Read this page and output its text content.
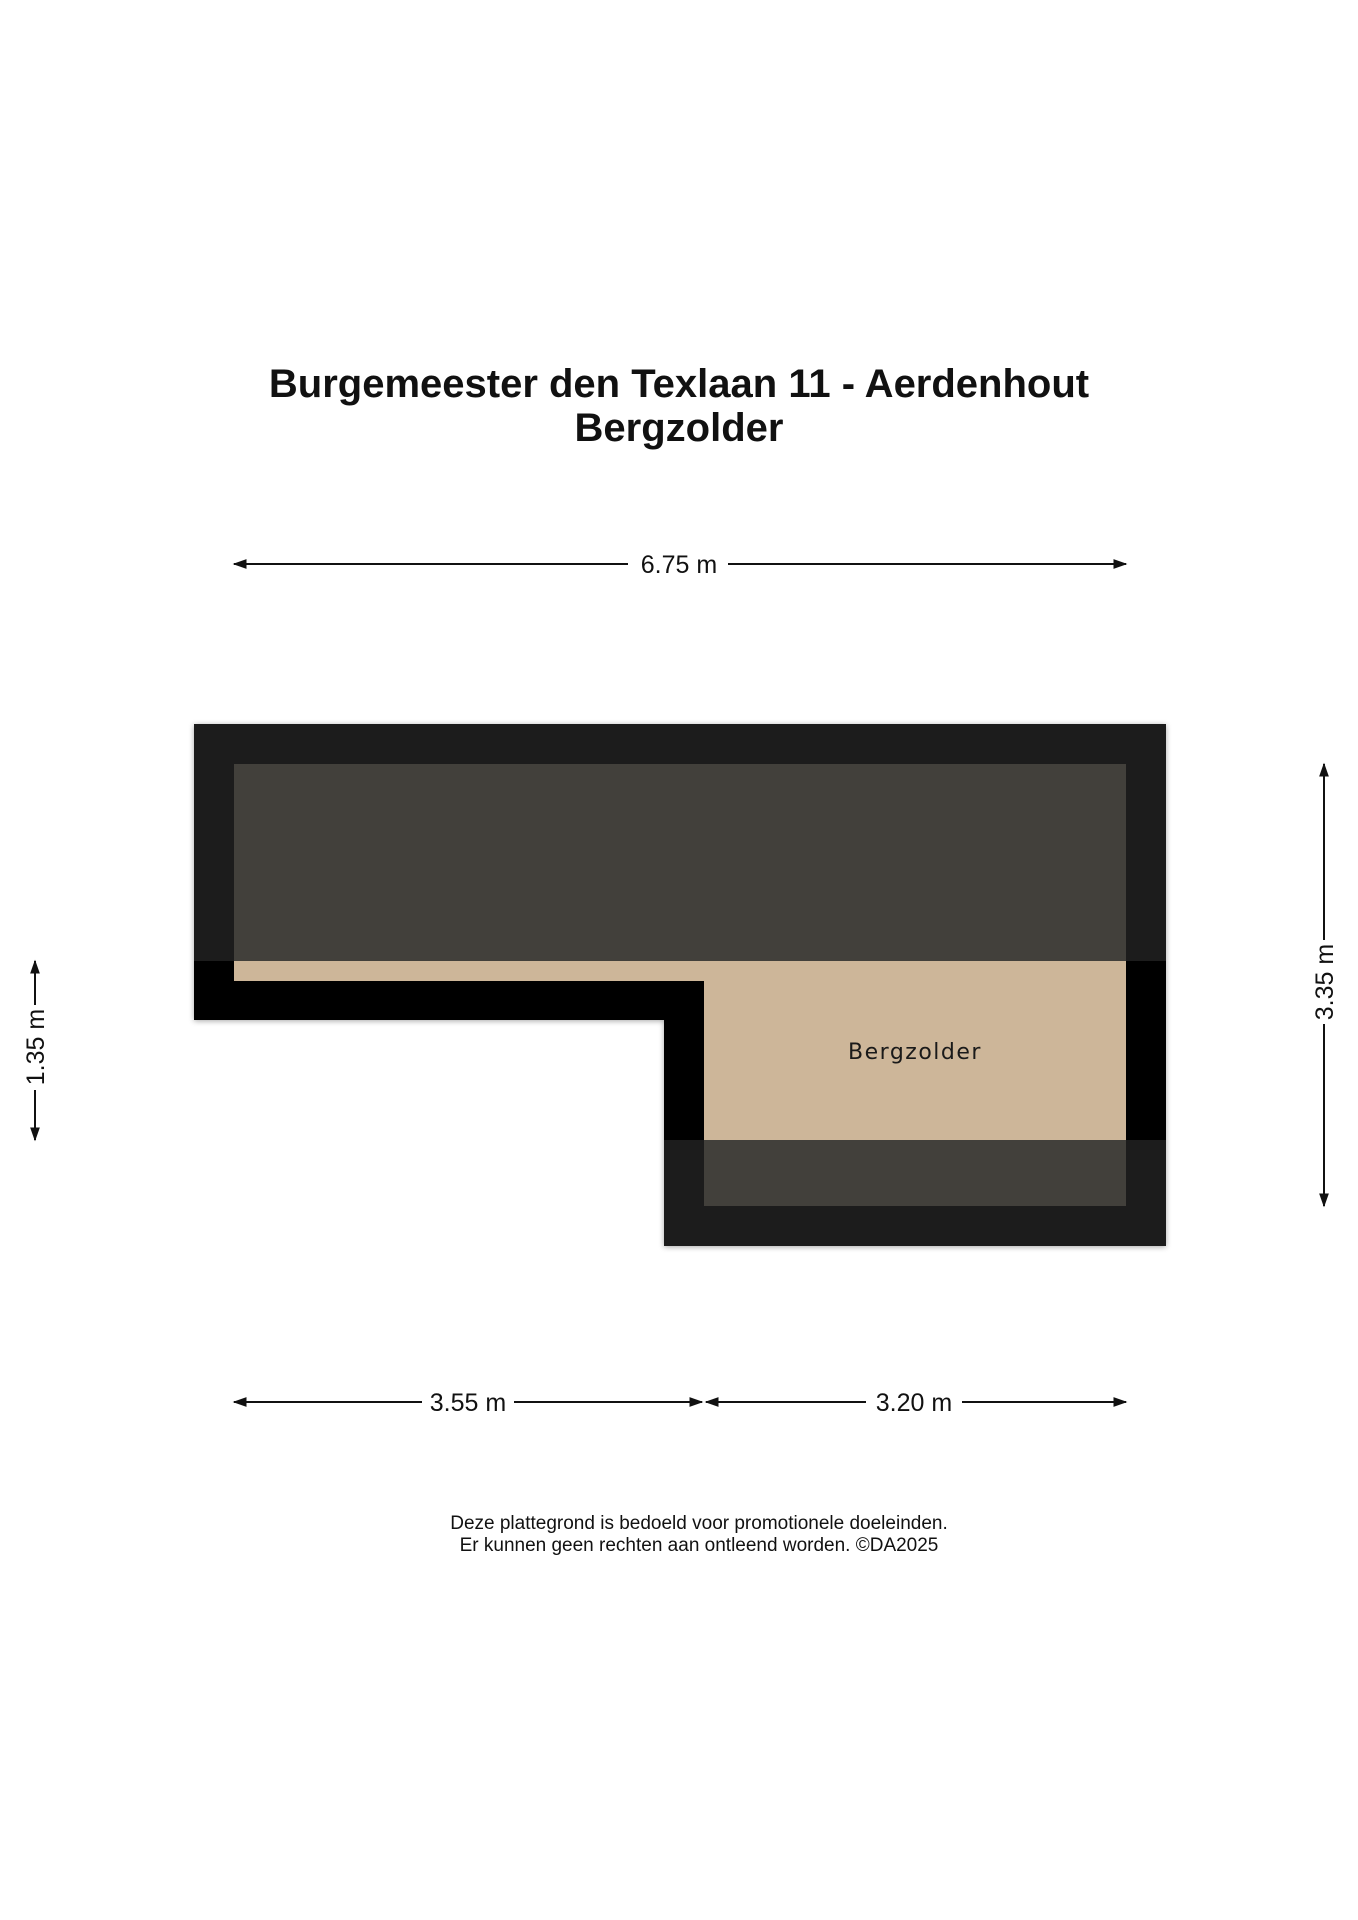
Burgemeester den Texlaan 11 - Aerdenhout
Bergzolder
6.75 m
Bergzolder
1.35 m
3.35 m
3.55 m	3.20 m
Deze plattegrond is bedoeld voor promotionele doeleinden.
Er kunnen geen rechten aan ontleend worden. ©DA2025
